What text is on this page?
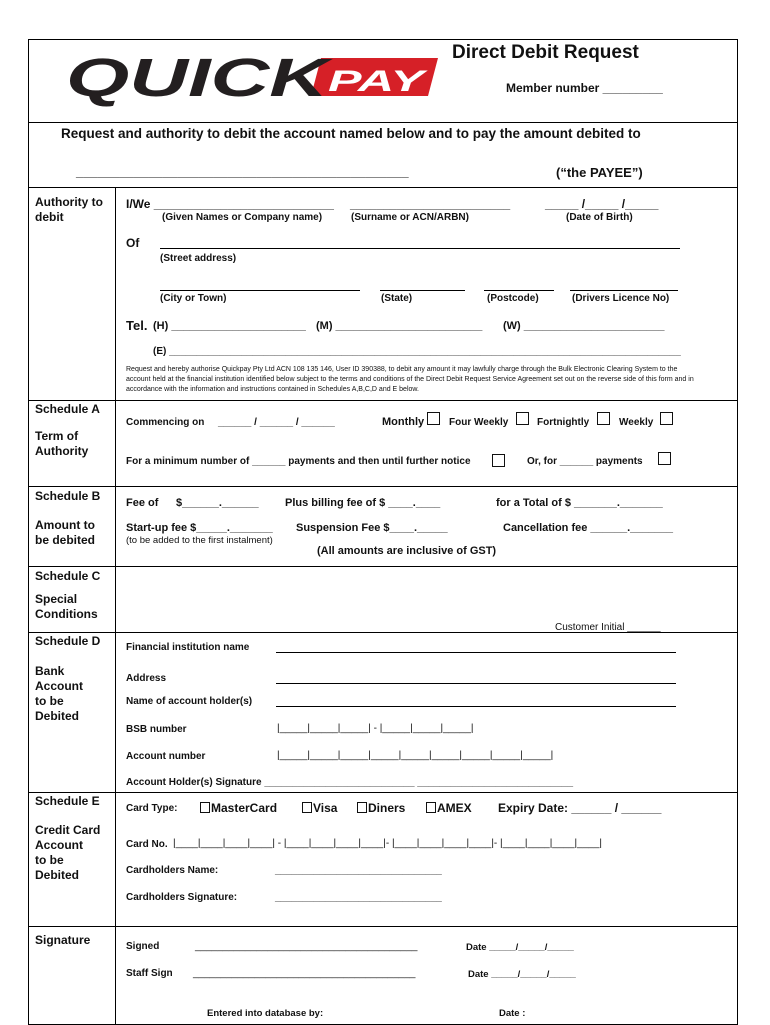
QUICK
PAY
Direct Debit Request
Member number _________
Request and authority to debit the account named below and to pay the amount debited to
______________________________________________	(“the PAYEE”)
Authority to
debit
I/We ___________________________ ________________________	_____ /_____ /_____
(Given Names or Company name)	(Surname or ACN/ARBN)	(Date of Birth)
Of
(Street address)
(City or Town)	(State)	(Postcode)	(Drivers Licence No)
Tel. (H) ______________________ (M) ________________________ (W) _______________________
(E) ____________________________________________________________________________________________
Request and hereby authorise Quickpay Pty Ltd ACN 108 135 146, User ID 390388, to debit any amount it may lawfully charge through the Bulk Electronic Clearing System to the account held at the financial institution identified below subject to the terms and conditions of the Direct Debit Request Service Agreement set out on the reverse side of this form and in accordance with the information and instructions contained in Schedules A,B,C,D and E below.
Schedule A
Term of
Authority
Commencing on ______ / ______ / ______	Monthly Four Weekly	Fortnightly	Weekly
For a minimum number of ______ payments and then until further notice	Or, for ______ payments
Schedule B
Amount to
be debited
Fee of $______.______ Plus billing fee of $ ____.____	for a Total of $ _______._______
Start-up fee $_____._______
(to be added to the first instalment)
Suspension Fee $____._____	Cancellation fee ______._______
(All amounts are inclusive of GST)
Schedule C
Special
Conditions
Customer Initial ______
Schedule D
Bank
Account
to be
Debited
Financial institution name
Address
Name of account holder(s)
BSB number	|_____|_____|_____| - |_____|_____|_____|
Account number	|_____|_____|_____|_____|_____|_____|_____|_____|_____|
Account Holder(s) Signature ___________________________ ____________________________
Schedule E
Credit Card
Account
to be
Debited
Card Type:	MasterCard	Visa	Diners	AMEX Expiry Date: ______ / ______
Card No. |____|____|____|____| - |____|____|____|____|- |____|____|____|____|- |____|____|____|____|
Cardholders Name:	______________________________
Cardholders Signature:	______________________________
Signature	Signed	________________________________________	Date _____/_____/_____
Staff Sign ________________________________________	Date _____/_____/_____
Entered into database by:	Date :
